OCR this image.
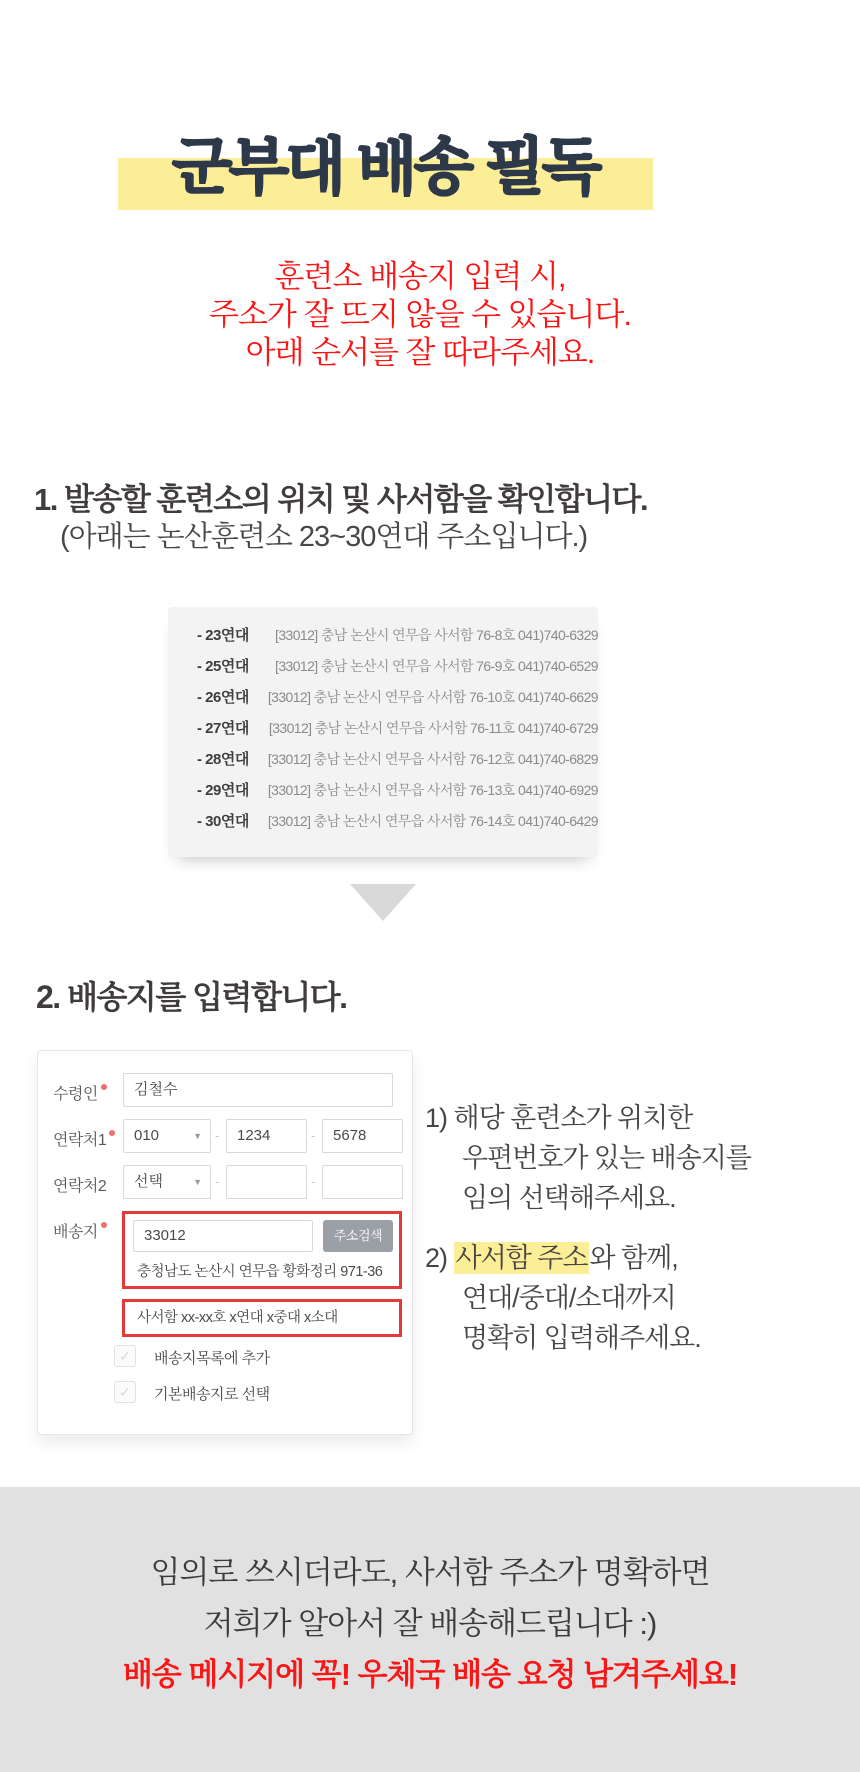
군부대 배송 필독
훈련소 배송지 입력 시,
주소가 잘 뜨지 않을 수 있습니다.
아래 순서를 잘 따라주세요.
1. 발송할 훈련소의 위치 및 사서함을 확인합니다.
(아래는 논산훈련소 23~30연대 주소입니다.)
- 23연대	[33012] 충남 논산시 연무읍 사서함 76-8호 041)740-6329
- 25연대	[33012] 충남 논산시 연무읍 사서함 76-9호 041)740-6529
- 26연대	[33012] 충남 논산시 연무읍 사서함 76-10호 041)740-6629
- 27연대	[33012] 충남 논산시 연무읍 사서함 76-11호 041)740-6729
- 28연대	[33012] 충남 논산시 연무읍 사서함 76-12호 041)740-6829
- 29연대	[33012] 충남 논산시 연무읍 사서함 76-13호 041)740-6929
- 30연대	[33012] 충남 논산시 연무읍 사서함 76-14호 041)740-6429
2. 배송지를 입력합니다.
수령인	김철수
연락처1	010	▼ -	1234	-	5678
연락처2	선택	▼ -	-
배송지	33012	주소검색
충청남도 논산시 연무읍 황화정리 971-36
사서함 xx-xx호 x연대 x중대 x소대
✓	배송지목록에 추가
✓	기본배송지로 선택
1) 해당 훈련소가 위치한
우편번호가 있는 배송지를
임의 선택해주세요.
2) 사서함 주소와 함께,
연대/중대/소대까지
명확히 입력해주세요.
임의로 쓰시더라도, 사서함 주소가 명확하면
저희가 알아서 잘 배송해드립니다 :)
배송 메시지에 꼭! 우체국 배송 요청 남겨주세요!
